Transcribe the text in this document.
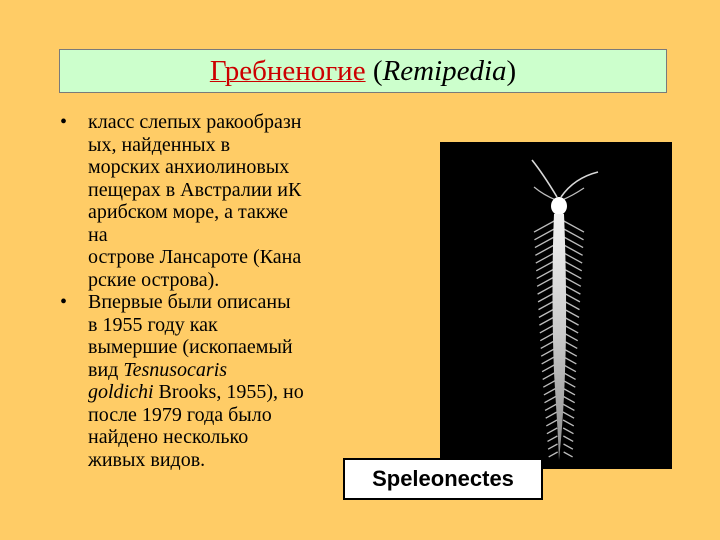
Гребненогие
( Remipedia )
•	класс слепых ракообразн
ых, найденных в
морских анхиолиновых
пещерах в Австралии иК
арибском море, а также
на
острове Лансароте (Кана
рские острова).
•	Впервые были описаны
в 1955 году как
вымершие (ископаемый
вид Tesnusocaris
goldichi Brooks, 1955), но
после 1979 года было
найдено несколько
живых видов.
Speleonectes
